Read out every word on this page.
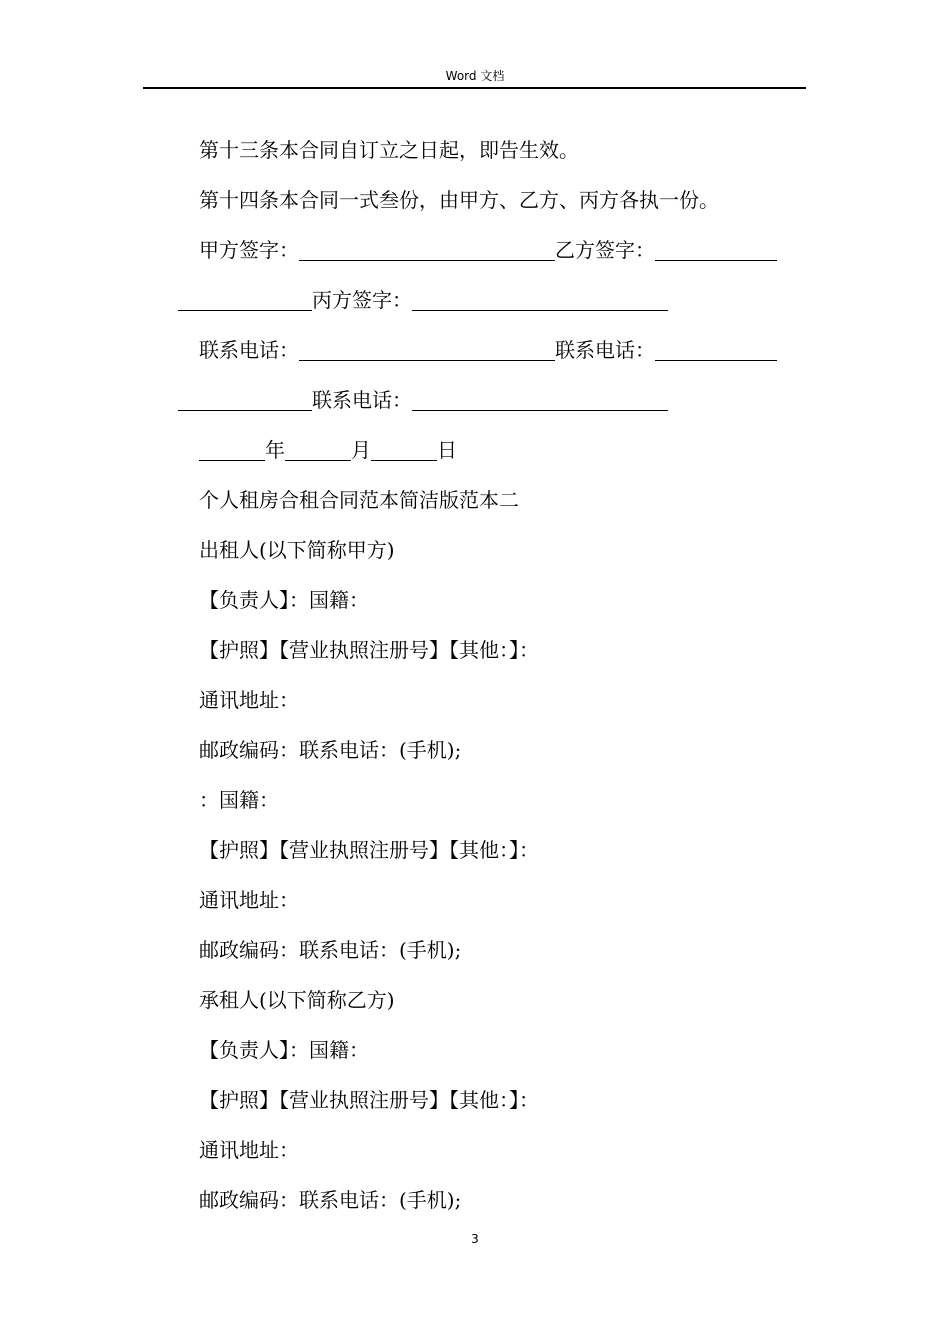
Word 文档
第十三条本合同自订立之日起，即告生效。
第十四条本合同一式叁份，由甲方、乙方、丙方各执一份。
甲方签字：	乙方签字：
丙方签字：
联系电话：	联系电话：
联系电话：
年	月	日
个人租房合租合同范本简洁版范本二
出租人(以下简称甲方)
【负责人】：国籍：
【护照】【营业执照注册号】【其他：】：
通讯地址：
邮政编码：联系电话：(手机);
：国籍：
【护照】【营业执照注册号】【其他：】：
通讯地址：
邮政编码：联系电话：(手机);
承租人(以下简称乙方)
【负责人】：国籍：
【护照】【营业执照注册号】【其他：】：
通讯地址：
邮政编码：联系电话：(手机);
3
